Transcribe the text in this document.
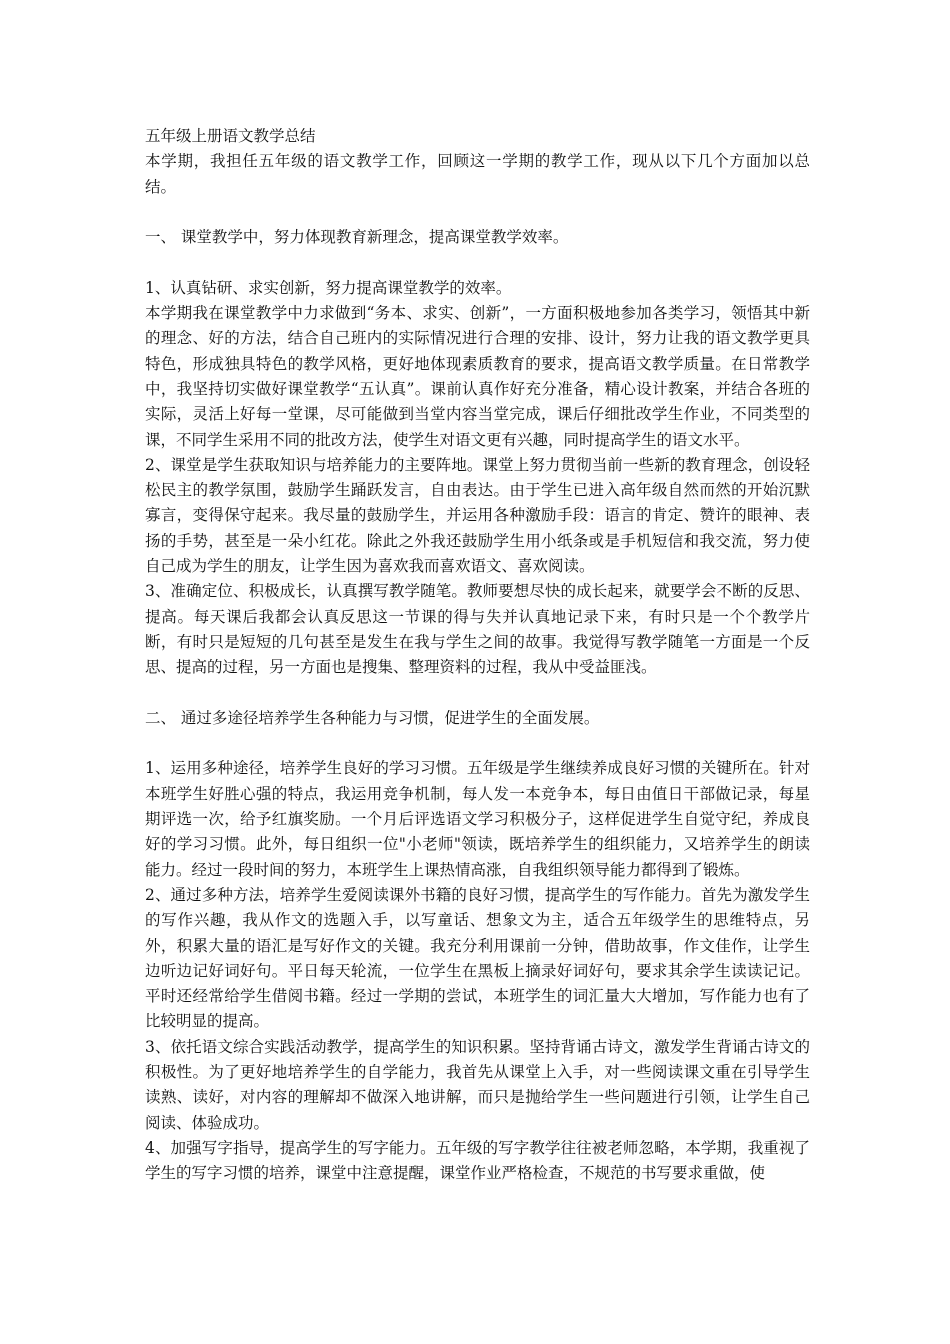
五年级上册语文教学总结

本学期，我担任五年级的语文教学工作，回顾这一学期的教学工作，现从以下几个方面加以总结。

一、 课堂教学中，努力体现教育新理念，提高课堂教学效率。

1、认真钻研、求实创新，努力提高课堂教学的效率。

本学期我在课堂教学中力求做到“务本、求实、创新”，一方面积极地参加各类学习，领悟其中新的理念、好的方法，结合自己班内的实际情况进行合理的安排、设计，努力让我的语文教学更具特色，形成独具特色的教学风格，更好地体现素质教育的要求，提高语文教学质量。在日常教学中，我坚持切实做好课堂教学“五认真”。课前认真作好充分准备，精心设计教案，并结合各班的实际，灵活上好每一堂课，尽可能做到当堂内容当堂完成，课后仔细批改学生作业，不同类型的课，不同学生采用不同的批改方法，使学生对语文更有兴趣，同时提高学生的语文水平。

2、课堂是学生获取知识与培养能力的主要阵地。课堂上努力贯彻当前一些新的教育理念，创设轻松民主的教学氛围，鼓励学生踊跃发言，自由表达。由于学生已进入高年级自然而然的开始沉默寡言，变得保守起来。我尽量的鼓励学生，并运用各种激励手段：语言的肯定、赞许的眼神、表扬的手势，甚至是一朵小红花。除此之外我还鼓励学生用小纸条或是手机短信和我交流，努力使自己成为学生的朋友，让学生因为喜欢我而喜欢语文、喜欢阅读。

3、准确定位、积极成长，认真撰写教学随笔。教师要想尽快的成长起来，就要学会不断的反思、提高。每天课后我都会认真反思这一节课的得与失并认真地记录下来，有时只是一个个教学片断，有时只是短短的几句甚至是发生在我与学生之间的故事。我觉得写教学随笔一方面是一个反思、提高的过程，另一方面也是搜集、整理资料的过程，我从中受益匪浅。

二、 通过多途径培养学生各种能力与习惯，促进学生的全面发展。

1、运用多种途径，培养学生良好的学习习惯。五年级是学生继续养成良好习惯的关键所在。针对本班学生好胜心强的特点，我运用竞争机制，每人发一本竞争本，每日由值日干部做记录，每星期评选一次，给予红旗奖励。一个月后评选语文学习积极分子，这样促进学生自觉守纪，养成良好的学习习惯。此外，每日组织一位"小老师"领读，既培养学生的组织能力，又培养学生的朗读能力。经过一段时间的努力，本班学生上课热情高涨，自我组织领导能力都得到了锻炼。

2、通过多种方法，培养学生爱阅读课外书籍的良好习惯，提高学生的写作能力。首先为激发学生的写作兴趣，我从作文的选题入手，以写童话、想象文为主，适合五年级学生的思维特点，另外，积累大量的语汇是写好作文的关键。我充分利用课前一分钟，借助故事，作文佳作，让学生边听边记好词好句。平日每天轮流，一位学生在黑板上摘录好词好句，要求其余学生读读记记。平时还经常给学生借阅书籍。经过一学期的尝试，本班学生的词汇量大大增加，写作能力也有了比较明显的提高。

3、依托语文综合实践活动教学，提高学生的知识积累。坚持背诵古诗文，激发学生背诵古诗文的积极性。为了更好地培养学生的自学能力，我首先从课堂上入手，对一些阅读课文重在引导学生读熟、读好，对内容的理解却不做深入地讲解，而只是抛给学生一些问题进行引领，让学生自己阅读、体验成功。

4、加强写字指导，提高学生的写字能力。五年级的写字教学往往被老师忽略，本学期，我重视了学生的写字习惯的培养，课堂中注意提醒，课堂作业严格检查，不规范的书写要求重做，使
